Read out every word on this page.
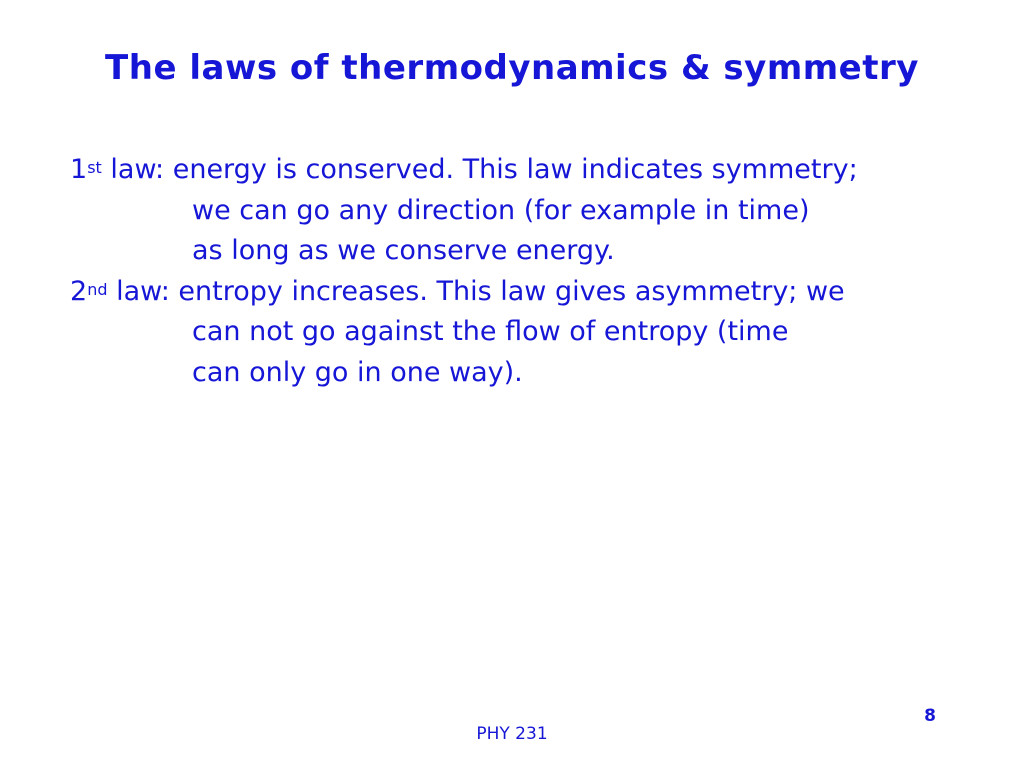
The laws of thermodynamics & symmetry
1st law: energy is conserved. This law indicates symmetry;
we can go any direction (for example in time)
as long as we conserve energy.
2nd law: entropy increases. This law gives asymmetry; we
can not go against the flow of entropy (time
can only go in one way).
8
PHY 231
